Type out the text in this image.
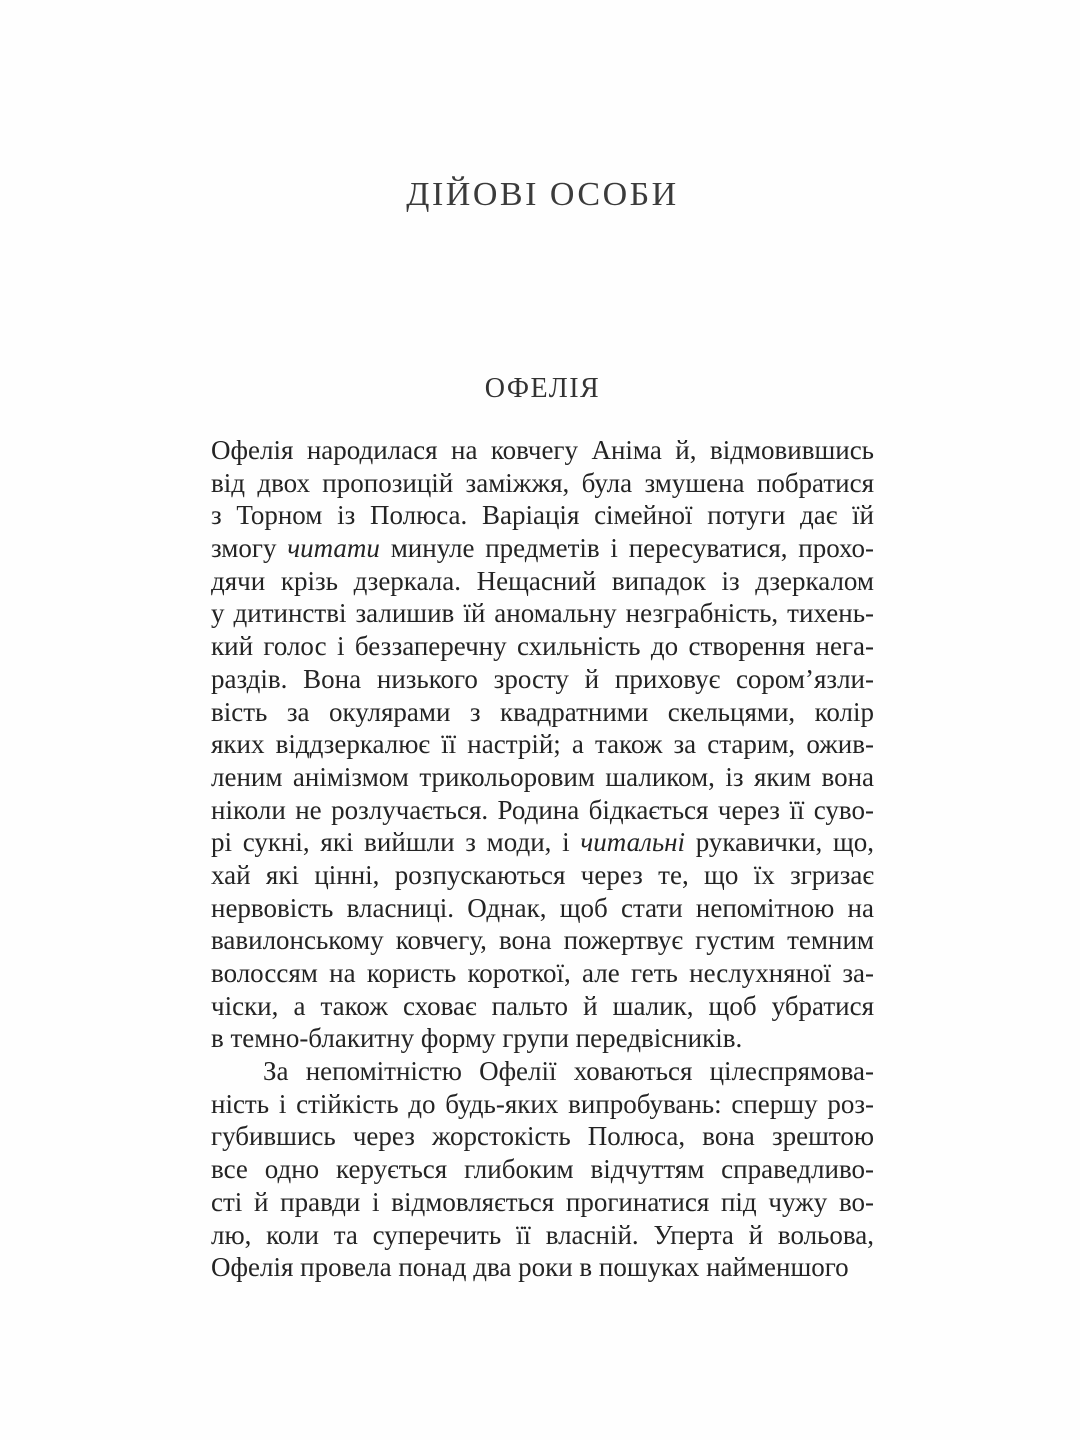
ДІЙОВІ ОСОБИ
ОФЕЛІЯ
Офелія народилася на ковчегу Аніма й, відмовившись
від двох пропозицій заміжжя, була змушена побратися
з Торном із Полюса. Варіація сімейної потуги дає їй
змогу читати минуле предметів і пересуватися, прохо-
дячи крізь дзеркала. Нещасний випадок із дзеркалом
у дитинстві залишив їй аномальну незграбність, тихень-
кий голос і беззаперечну схильність до створення нега-
раздів. Вона низького зросту й приховує сором’язли-
вість за окулярами з квадратними скельцями, колір
яких віддзеркалює її настрій; а також за старим, ожив-
леним анімізмом трикольоровим шаликом, із яким вона
ніколи не розлучається. Родина бідкається через її суво-
рі сукні, які вийшли з моди, і читальні рукавички, що,
хай які цінні, розпускаються через те, що їх згризає
нервовість власниці. Однак, щоб стати непомітною на
вавилонському ковчегу, вона пожертвує густим темним
волоссям на користь короткої, але геть неслухняної за-
чіски, а також сховає пальто й шалик, щоб убратися
в темно-блакитну форму групи передвісників.
За непомітністю Офелії ховаються цілеспрямова-
ність і стійкість до будь-яких випробувань: спершу роз-
губившись через жорстокість Полюса, вона зрештою
все одно керується глибоким відчуттям справедливо-
сті й правди і відмовляється прогинатися під чужу во-
лю, коли та суперечить її власній. Уперта й вольова,
Офелія провела понад два роки в пошуках найменшого
